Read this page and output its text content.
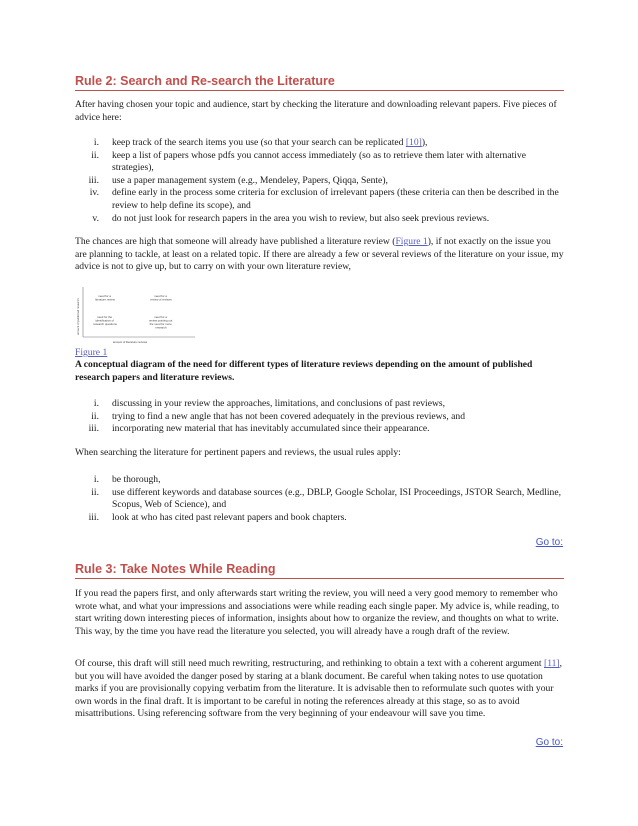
Rule 2: Search and Re-search the Literature

After having chosen your topic and audience, start by checking the literature and downloading relevant papers. Five pieces of advice here:

i. keep track of the search items you use (so that your search can be replicated [10]),
ii. keep a list of papers whose pdfs you cannot access immediately (so as to retrieve them later with alternative strategies),
iii. use a paper management system (e.g., Mendeley, Papers, Qiqqa, Sente),
iv. define early in the process some criteria for exclusion of irrelevant papers (these criteria can then be described in the review to help define its scope), and
v. do not just look for research papers in the area you wish to review, but also seek previous reviews.

The chances are high that someone will already have published a literature review (Figure 1), if not exactly on the issue you are planning to tackle, at least on a related topic. If there are already a few or several reviews of the literature on your issue, my advice is not to give up, but to carry on with your own literature review,

amount of published research
amount of literature reviews
need for a literature review
need for a review of reviews
need for the identification of research questions
need for a review pointing out the need for more research
Figure 1

A conceptual diagram of the need for different types of literature reviews depending on the amount of published research papers and literature reviews.

i. discussing in your review the approaches, limitations, and conclusions of past reviews,
ii. trying to find a new angle that has not been covered adequately in the previous reviews, and
iii. incorporating new material that has inevitably accumulated since their appearance.

When searching the literature for pertinent papers and reviews, the usual rules apply:

i. be thorough,
ii. use different keywords and database sources (e.g., DBLP, Google Scholar, ISI Proceedings, JSTOR Search, Medline, Scopus, Web of Science), and
iii. look at who has cited past relevant papers and book chapters.
Go to:
Rule 3: Take Notes While Reading

If you read the papers first, and only afterwards start writing the review, you will need a very good memory to remember who wrote what, and what your impressions and associations were while reading each single paper. My advice is, while reading, to start writing down interesting pieces of information, insights about how to organize the review, and thoughts on what to write. This way, by the time you have read the literature you selected, you will already have a rough draft of the review.

Of course, this draft will still need much rewriting, restructuring, and rethinking to obtain a text with a coherent argument [11], but you will have avoided the danger posed by staring at a blank document. Be careful when taking notes to use quotation marks if you are provisionally copying verbatim from the literature. It is advisable then to reformulate such quotes with your own words in the final draft. It is important to be careful in noting the references already at this stage, so as to avoid misattributions. Using referencing software from the very beginning of your endeavour will save you time.

Go to:
